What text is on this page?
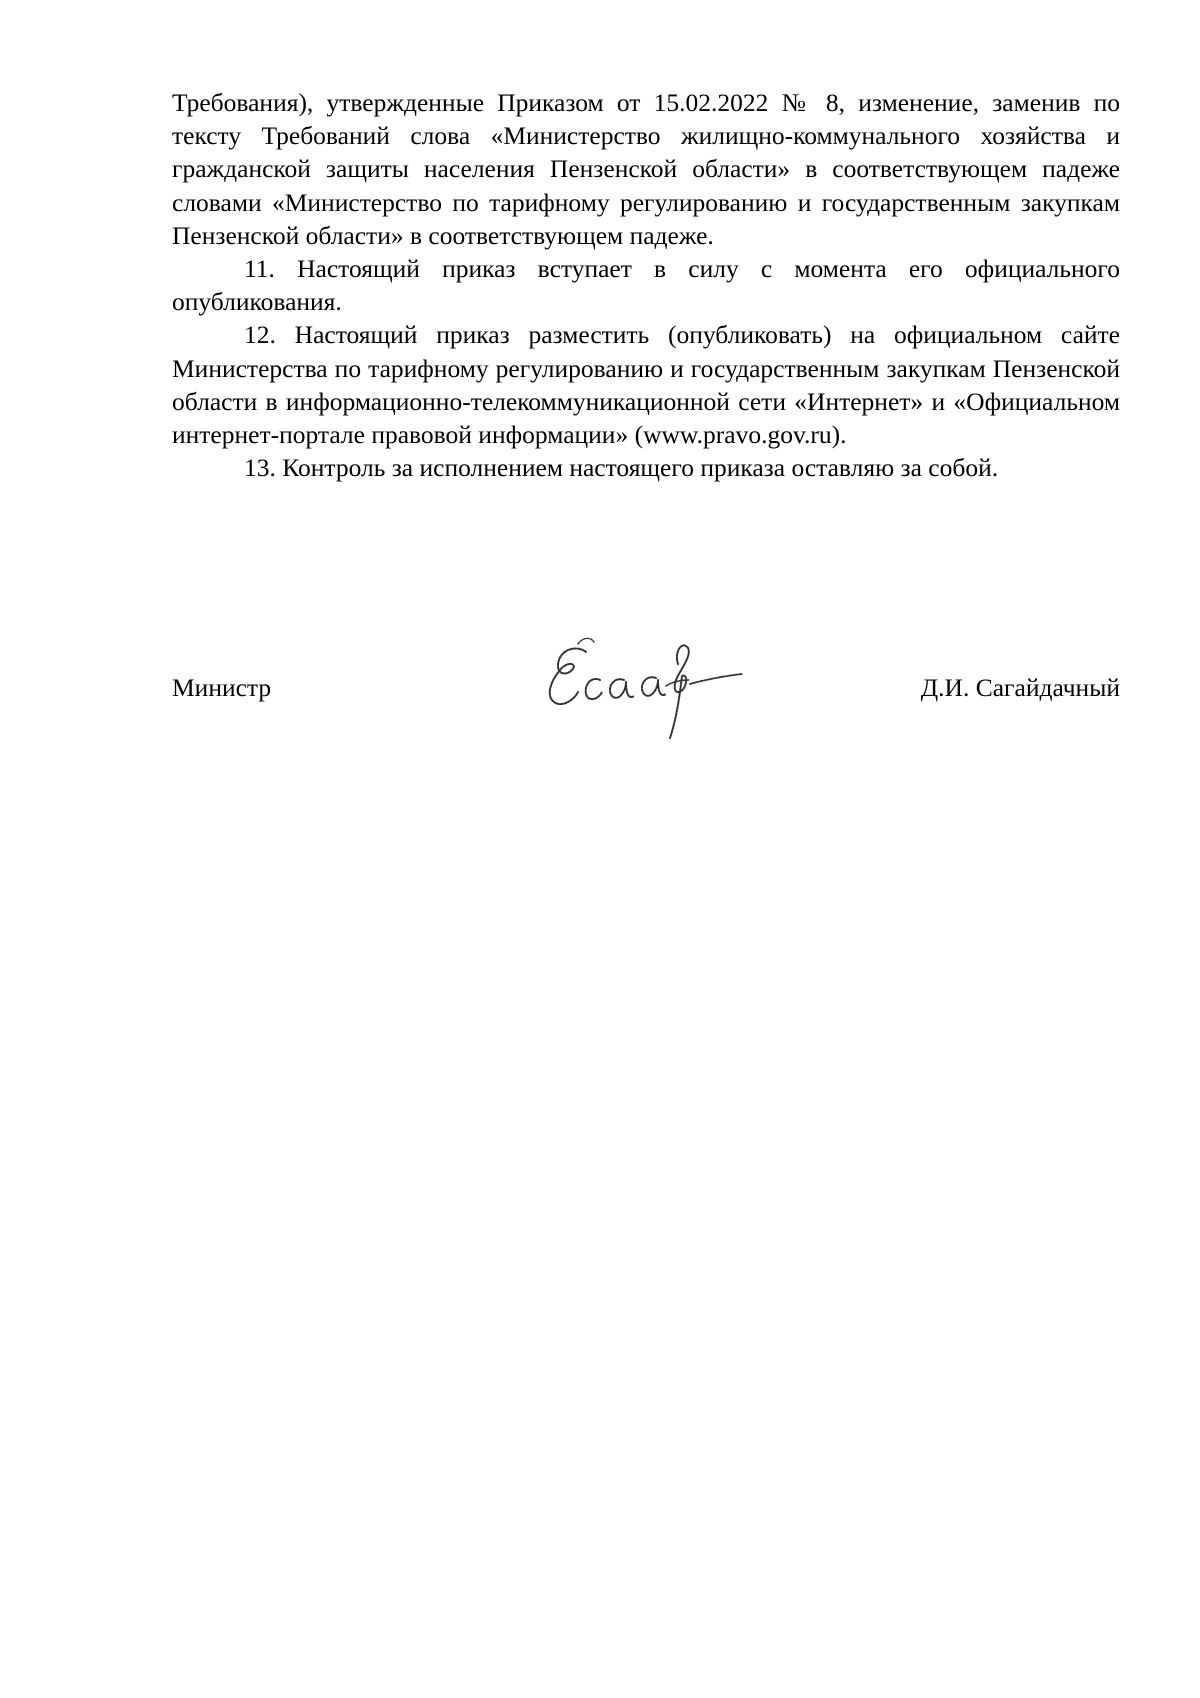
Требования), утвержденные Приказом от 15.02.2022 № 8, изменение, заменив по тексту Требований слова «Министерство жилищно-коммунального хозяйства и гражданской защиты населения Пензенской области» в соответствующем падеже словами «Министерство по тарифному регулированию и государственным закупкам Пензенской области» в соответствующем падеже.

11. Настоящий приказ вступает в силу с момента его официального опубликования.

12. Настоящий приказ разместить (опубликовать) на официальном сайте Министерства по тарифному регулированию и государственным закупкам Пензенской области в информационно-телекоммуникационной сети «Интернет» и «Официальном интернет-портале правовой информации» (www.pravo.gov.ru).

13. Контроль за исполнением настоящего приказа оставляю за собой.

Министр	Д.И. Сагайдачный
